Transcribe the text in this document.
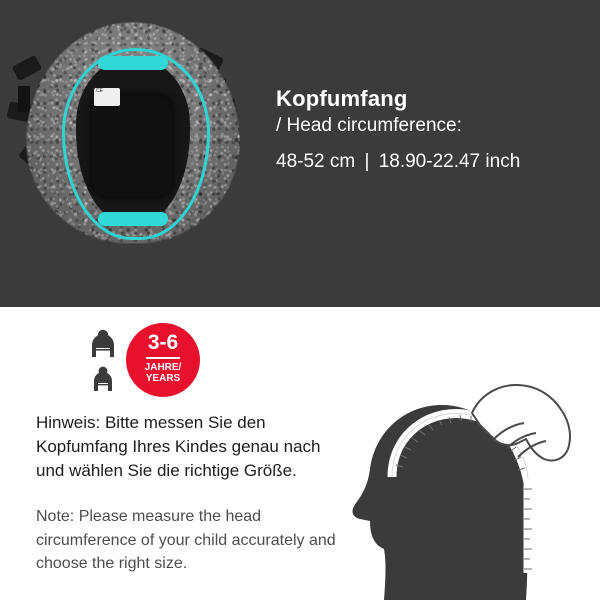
CE	Kopfumfang
/ Head circumference:
48-52 cm | 18.90-22.47 inch
3-6
JAHRE/
YEARS
Hinweis: Bitte messen Sie den Kopfumfang Ihres Kindes genau nach und wählen Sie die richtige Größe.
Note: Please measure the head circumference of your child accurately and choose the right size.
